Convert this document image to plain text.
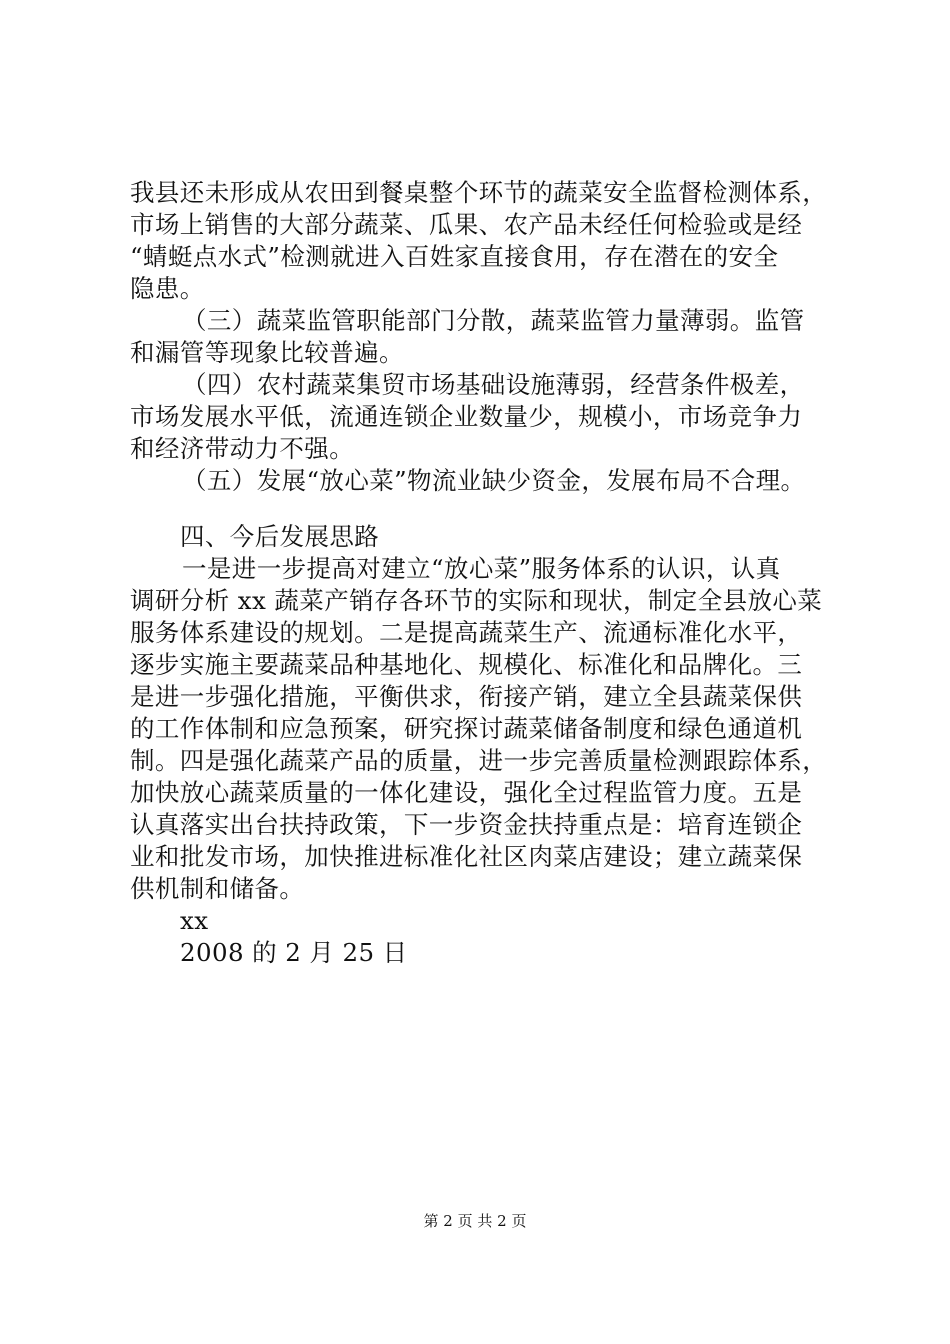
我县还未形成从农田到餐桌整个环节的蔬菜安全监督检测体系，
市场上销售的大部分蔬菜、瓜果、农产品未经任何检验或是经
“蜻蜓点水式”检测就进入百姓家直接食用，存在潜在的安全
隐患。
（三）蔬菜监管职能部门分散，蔬菜监管力量薄弱。监管
和漏管等现象比较普遍。
（四）农村蔬菜集贸市场基础设施薄弱，经营条件极差，
市场发展水平低，流通连锁企业数量少，规模小，市场竞争力
和经济带动力不强。
（五）发展“放心菜”物流业缺少资金，发展布局不合理。
四、今后发展思路
一是进一步提高对建立“放心菜”服务体系的认识，认真
调研分析 xx 蔬菜产销存各环节的实际和现状，制定全县放心菜
服务体系建设的规划。二是提高蔬菜生产、流通标准化水平，
逐步实施主要蔬菜品种基地化、规模化、标准化和品牌化。三
是进一步强化措施，平衡供求，衔接产销，建立全县蔬菜保供
的工作体制和应急预案，研究探讨蔬菜储备制度和绿色通道机
制。四是强化蔬菜产品的质量，进一步完善质量检测跟踪体系，
加快放心蔬菜质量的一体化建设，强化全过程监管力度。五是
认真落实出台扶持政策，下一步资金扶持重点是：培育连锁企
业和批发市场，加快推进标准化社区肉菜店建设；建立蔬菜保
供机制和储备。
xx
2008 的 2 月 25 日
第 2 页 共 2 页
